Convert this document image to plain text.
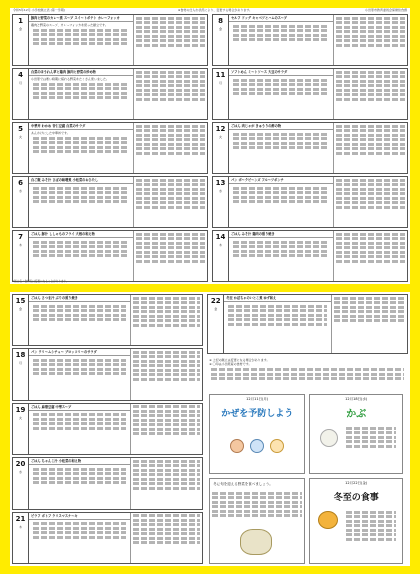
令和5年12月 小学校献立表 (第一学期)	※食材の仕入れ状況により、変更する場合があります。	小田原市教育委員会保健給食課
1
金
豚肉と野菜のカレー煮 スープ スイートポテト カレーフォッカ
鶏肉と野菜のスープ、カレーフォッカを使った献立です。
4
月
白菜のほうれん草と鶏肉 豚肉と野菜の炒め物
小田原では寒い時期に採れる野菜をたくさん使いました。
5
火
中華丼 わかめ 杏仁豆腐 白菜のサラダ
あんかけにした中華丼です。
6
水
白ご飯 みそ汁 さばの味噌煮 小松菜のおひたし
7
木
ごはん 豚汁 ししゃものフライ 大根の和え物
8
金
セルフ ドッグ キャベツとハムのスープ
11
月
ソフトめん ミートソース 大豆のサラダ
12
火
ごはん 肉じゃが きゅうりの酢の物
13
水
パン ポークビーンズ フルーツポンチ
14
木
ごはん みそ汁 鶏肉の照り焼き
※献立名・食材名は変更になることがあります。
15
金
ごはん さつま汁 ぶりの照り焼き
18
月
パン クリームシチュー ブロッコリーのサラダ
19
火
ごはん 麻婆豆腐 中華スープ
20
水
ごはん ちゃんこ汁 小松菜の和え物
21
木
ピラフ ポトフ クリスマスケーキ
22
金
冬至 かぼちゃのいとこ煮 ゆず和え
※ 上記の献立は変更になる場合があります。
※ 〇印は小田原産の食材です。
12月11日(月)
かぜを予防しよう
12月18日(水)
かぶ
冬に旬を迎える野菜を食べましょう。	12月22日(金)
冬至の食事
